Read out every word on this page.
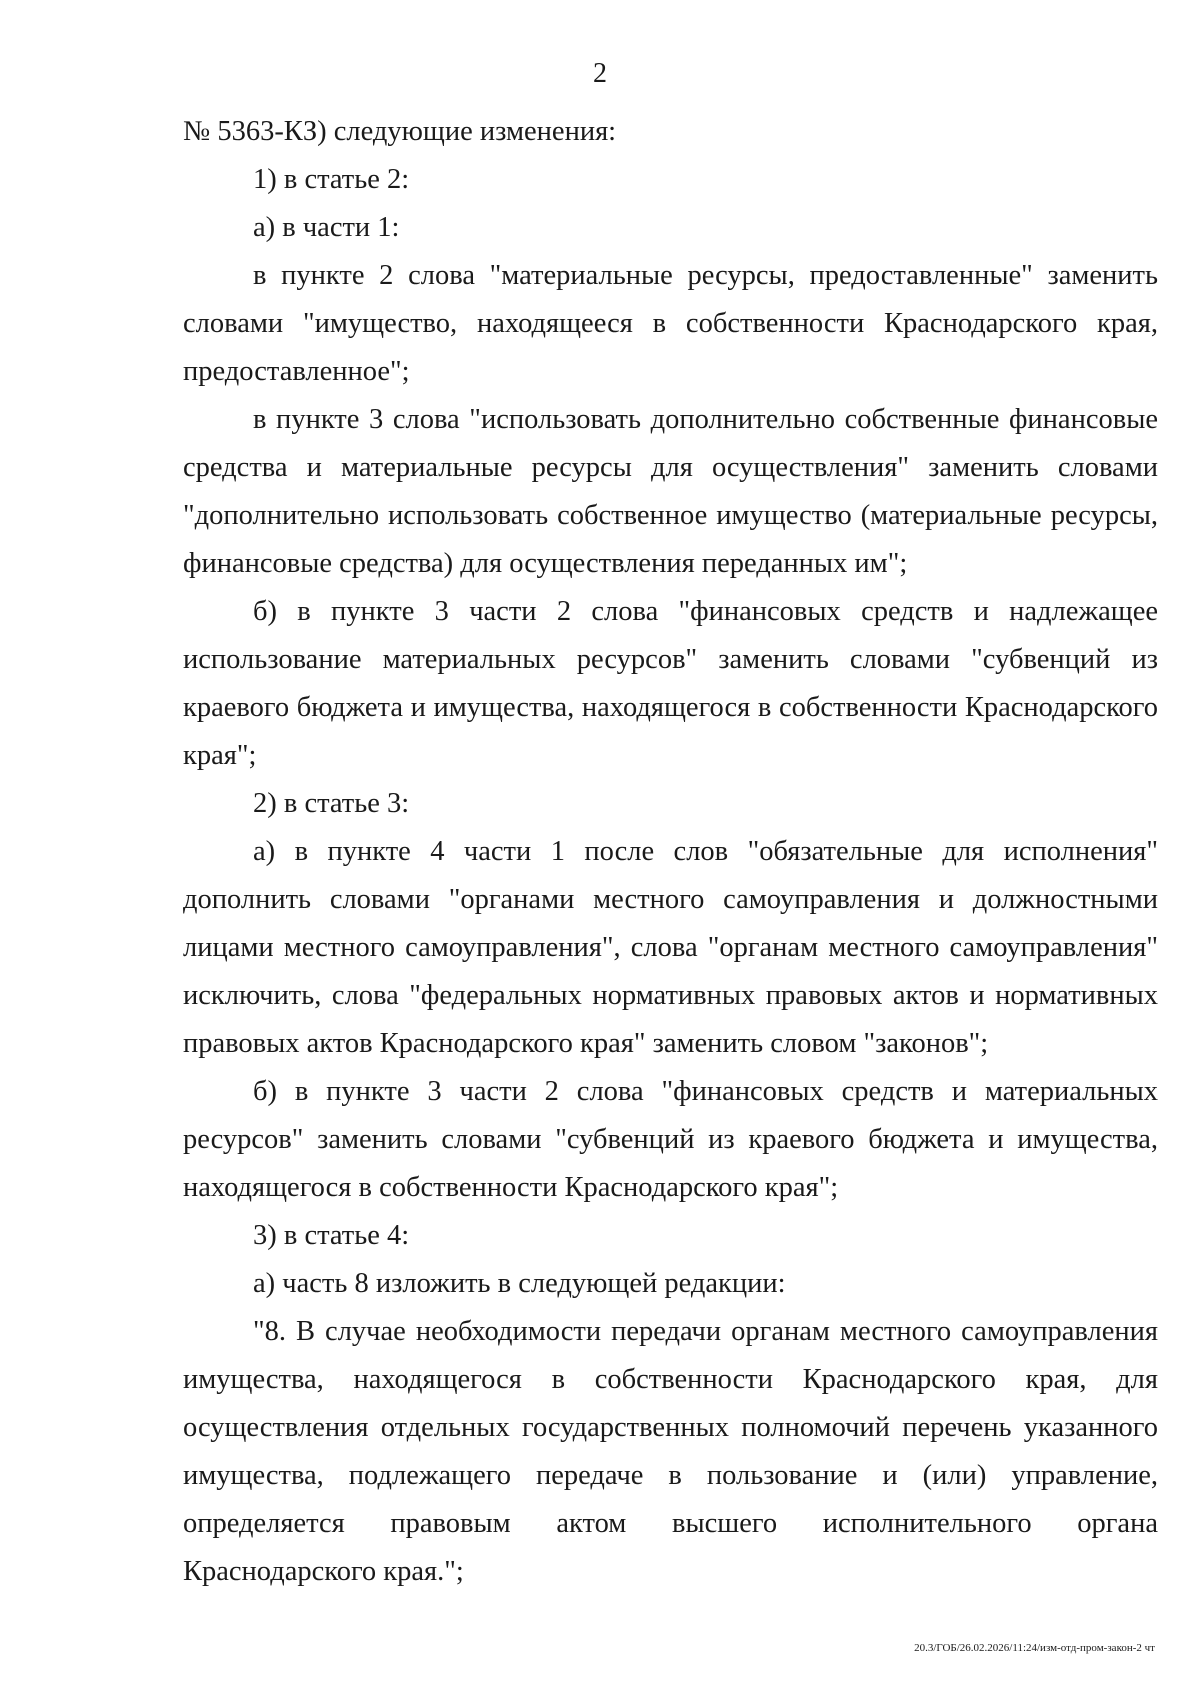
2

№ 5363-КЗ) следующие изменения:

1) в статье 2:

а) в части 1:

в пункте 2 слова "материальные ресурсы, предоставленные" заменить словами "имущество, находящееся в собственности Краснодарского края, предоставленное";

в пункте 3 слова "использовать дополнительно собственные финансовые средства и материальные ресурсы для осуществления" заменить словами "дополнительно использовать собственное имущество (материальные ресурсы, финансовые средства) для осуществления переданных им";

б) в пункте 3 части 2 слова "финансовых средств и надлежащее использование материальных ресурсов" заменить словами "субвенций из краевого бюджета и имущества, находящегося в собственности Краснодарского края";

2) в статье 3:

а) в пункте 4 части 1 после слов "обязательные для исполнения" дополнить словами "органами местного самоуправления и должностными лицами местного самоуправления", слова "органам местного самоуправления" исключить, слова "федеральных нормативных правовых актов и нормативных правовых актов Краснодарского края" заменить словом "законов";

б) в пункте 3 части 2 слова "финансовых средств и материальных ресурсов" заменить словами "субвенций из краевого бюджета и имущества, находящегося в собственности Краснодарского края";

3) в статье 4:

а) часть 8 изложить в следующей редакции:

"8. В случае необходимости передачи органам местного самоуправления имущества, находящегося в собственности Краснодарского края, для осуществления отдельных государственных полномочий перечень указанного имущества, подлежащего передаче в пользование и (или) управление, определяется правовым актом высшего исполнительного органа Краснодарского края.";

20.3/ГОБ/26.02.2026/11:24/изм-отд-пром-закон-2 чт
